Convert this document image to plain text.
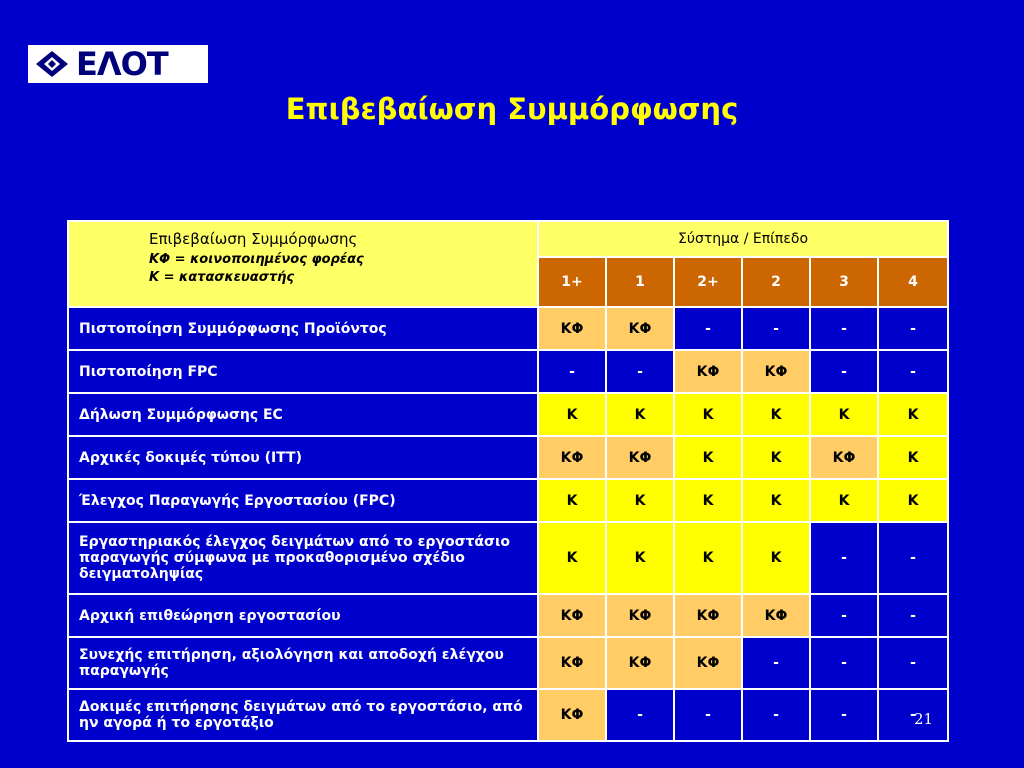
ΕΛΟΤ
Επιβεβαίωση Συμμόρφωσης
Επιβεβαίωση Συμμόρφωσης
ΚΦ = κοινοποιημένος φορέας
Κ = κατασκευαστής	Σύστημα / Επίπεδο					
	1+	1	2+	2	3	4
Πιστοποίηση Συμμόρφωσης Προϊόντος	ΚΦ	ΚΦ	-	-	-	-
Πιστοποίηση FPC	-	-	ΚΦ	ΚΦ	-	-
Δήλωση Συμμόρφωσης EC	Κ	Κ	Κ	Κ	Κ	Κ
Αρχικές δοκιμές τύπου (ITT)	ΚΦ	ΚΦ	Κ	Κ	ΚΦ	Κ
Έλεγχος Παραγωγής Εργοστασίου (FPC)	Κ	Κ	Κ	Κ	Κ	Κ
Εργαστηριακός έλεγχος δειγμάτων από το εργοστάσιο παραγωγής σύμφωνα με προκαθορισμένο σχέδιο δειγματοληψίας	Κ	Κ	Κ	Κ	-	-
Αρχική επιθεώρηση εργοστασίου	ΚΦ	ΚΦ	ΚΦ	ΚΦ	-	-
Συνεχής επιτήρηση, αξιολόγηση και αποδοχή ελέγχου παραγωγής	ΚΦ	ΚΦ	ΚΦ	-	-	-
Δοκιμές επιτήρησης δειγμάτων από το εργοστάσιο, από ην αγορά ή το εργοτάξιο	ΚΦ	-	-	-	-	-
21
